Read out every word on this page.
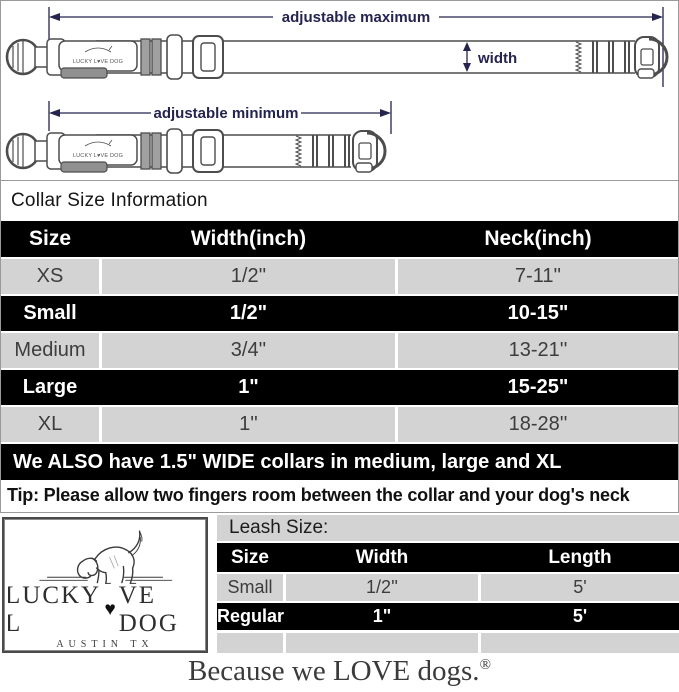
adjustable maximum
LUCKY L♥VE DOG	width
adjustable minimum
LUCKY L♥VE DOG
Collar Size Information
Size	Width(inch)	Neck(inch)
XS	1/2''	7-11''
Small	1/2"	10-15"
Medium	3/4''	13-21''
Large	1"	15-25"
XL	1''	18-28''
We ALSO have 1.5" WIDE collars in medium, large and XL
Tip: Please allow two fingers room between the collar and your dog's neck
LUCKY L
♥
VE DOG
AUSTIN TX
Leash Size:
Size	Width	Length
Small	1/2''	5'
Regular	1"	5'
Because we LOVE dogs. ®
